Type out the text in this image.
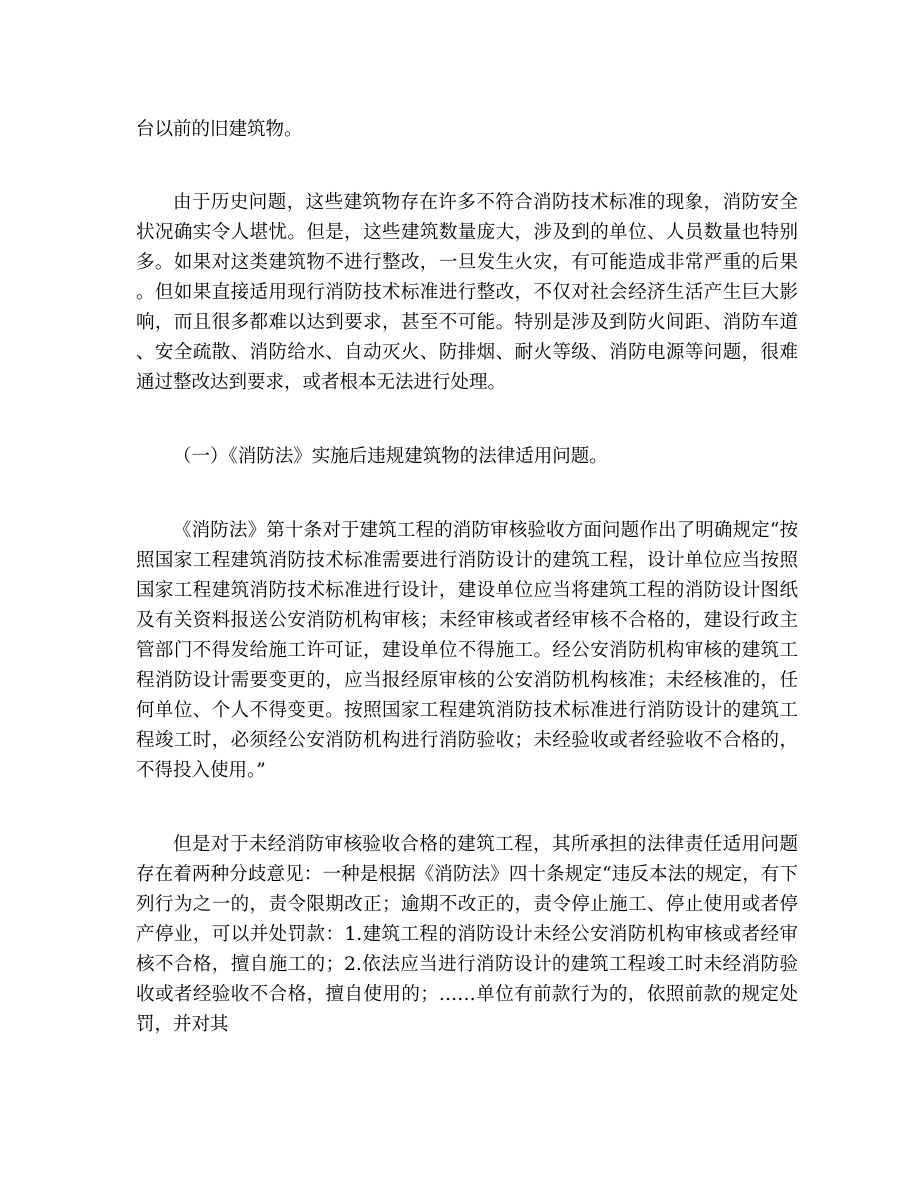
台以前的旧建筑物。

由于历史问题，这些建筑物存在许多不符合消防技术标准的现象，消防安全状况确实令人堪忧。但是，这些建筑数量庞大，涉及到的单位、人员数量也特别多。如果对这类建筑物不进行整改，一旦发生火灾，有可能造成非常严重的后果。但如果直接适用现行消防技术标准进行整改，不仅对社会经济生活产生巨大影响，而且很多都难以达到要求，甚至不可能。特别是涉及到防火间距、消防车道、安全疏散、消防给水、自动灭火、防排烟、耐火等级、消防电源等问题，很难通过整改达到要求，或者根本无法进行处理。

（一）《消防法》实施后违规建筑物的法律适用问题。

《消防法》第十条对于建筑工程的消防审核验收方面问题作出了明确规定“按照国家工程建筑消防技术标准需要进行消防设计的建筑工程，设计单位应当按照国家工程建筑消防技术标准进行设计，建设单位应当将建筑工程的消防设计图纸及有关资料报送公安消防机构审核；未经审核或者经审核不合格的，建设行政主管部门不得发给施工许可证，建设单位不得施工。经公安消防机构审核的建筑工程消防设计需要变更的，应当报经原审核的公安消防机构核准；未经核准的，任何单位、个人不得变更。按照国家工程建筑消防技术标准进行消防设计的建筑工程竣工时，必须经公安消防机构进行消防验收；未经验收或者经验收不合格的，不得投入使用。”

但是对于未经消防审核验收合格的建筑工程，其所承担的法律责任适用问题存在着两种分歧意见：一种是根据《消防法》四十条规定“违反本法的规定，有下列行为之一的，责令限期改正；逾期不改正的，责令停止施工、停止使用或者停产停业，可以并处罚款：1.建筑工程的消防设计未经公安消防机构审核或者经审核不合格，擅自施工的；2.依法应当进行消防设计的建筑工程竣工时未经消防验收或者经验收不合格，擅自使用的；……单位有前款行为的，依照前款的规定处罚，并对其
